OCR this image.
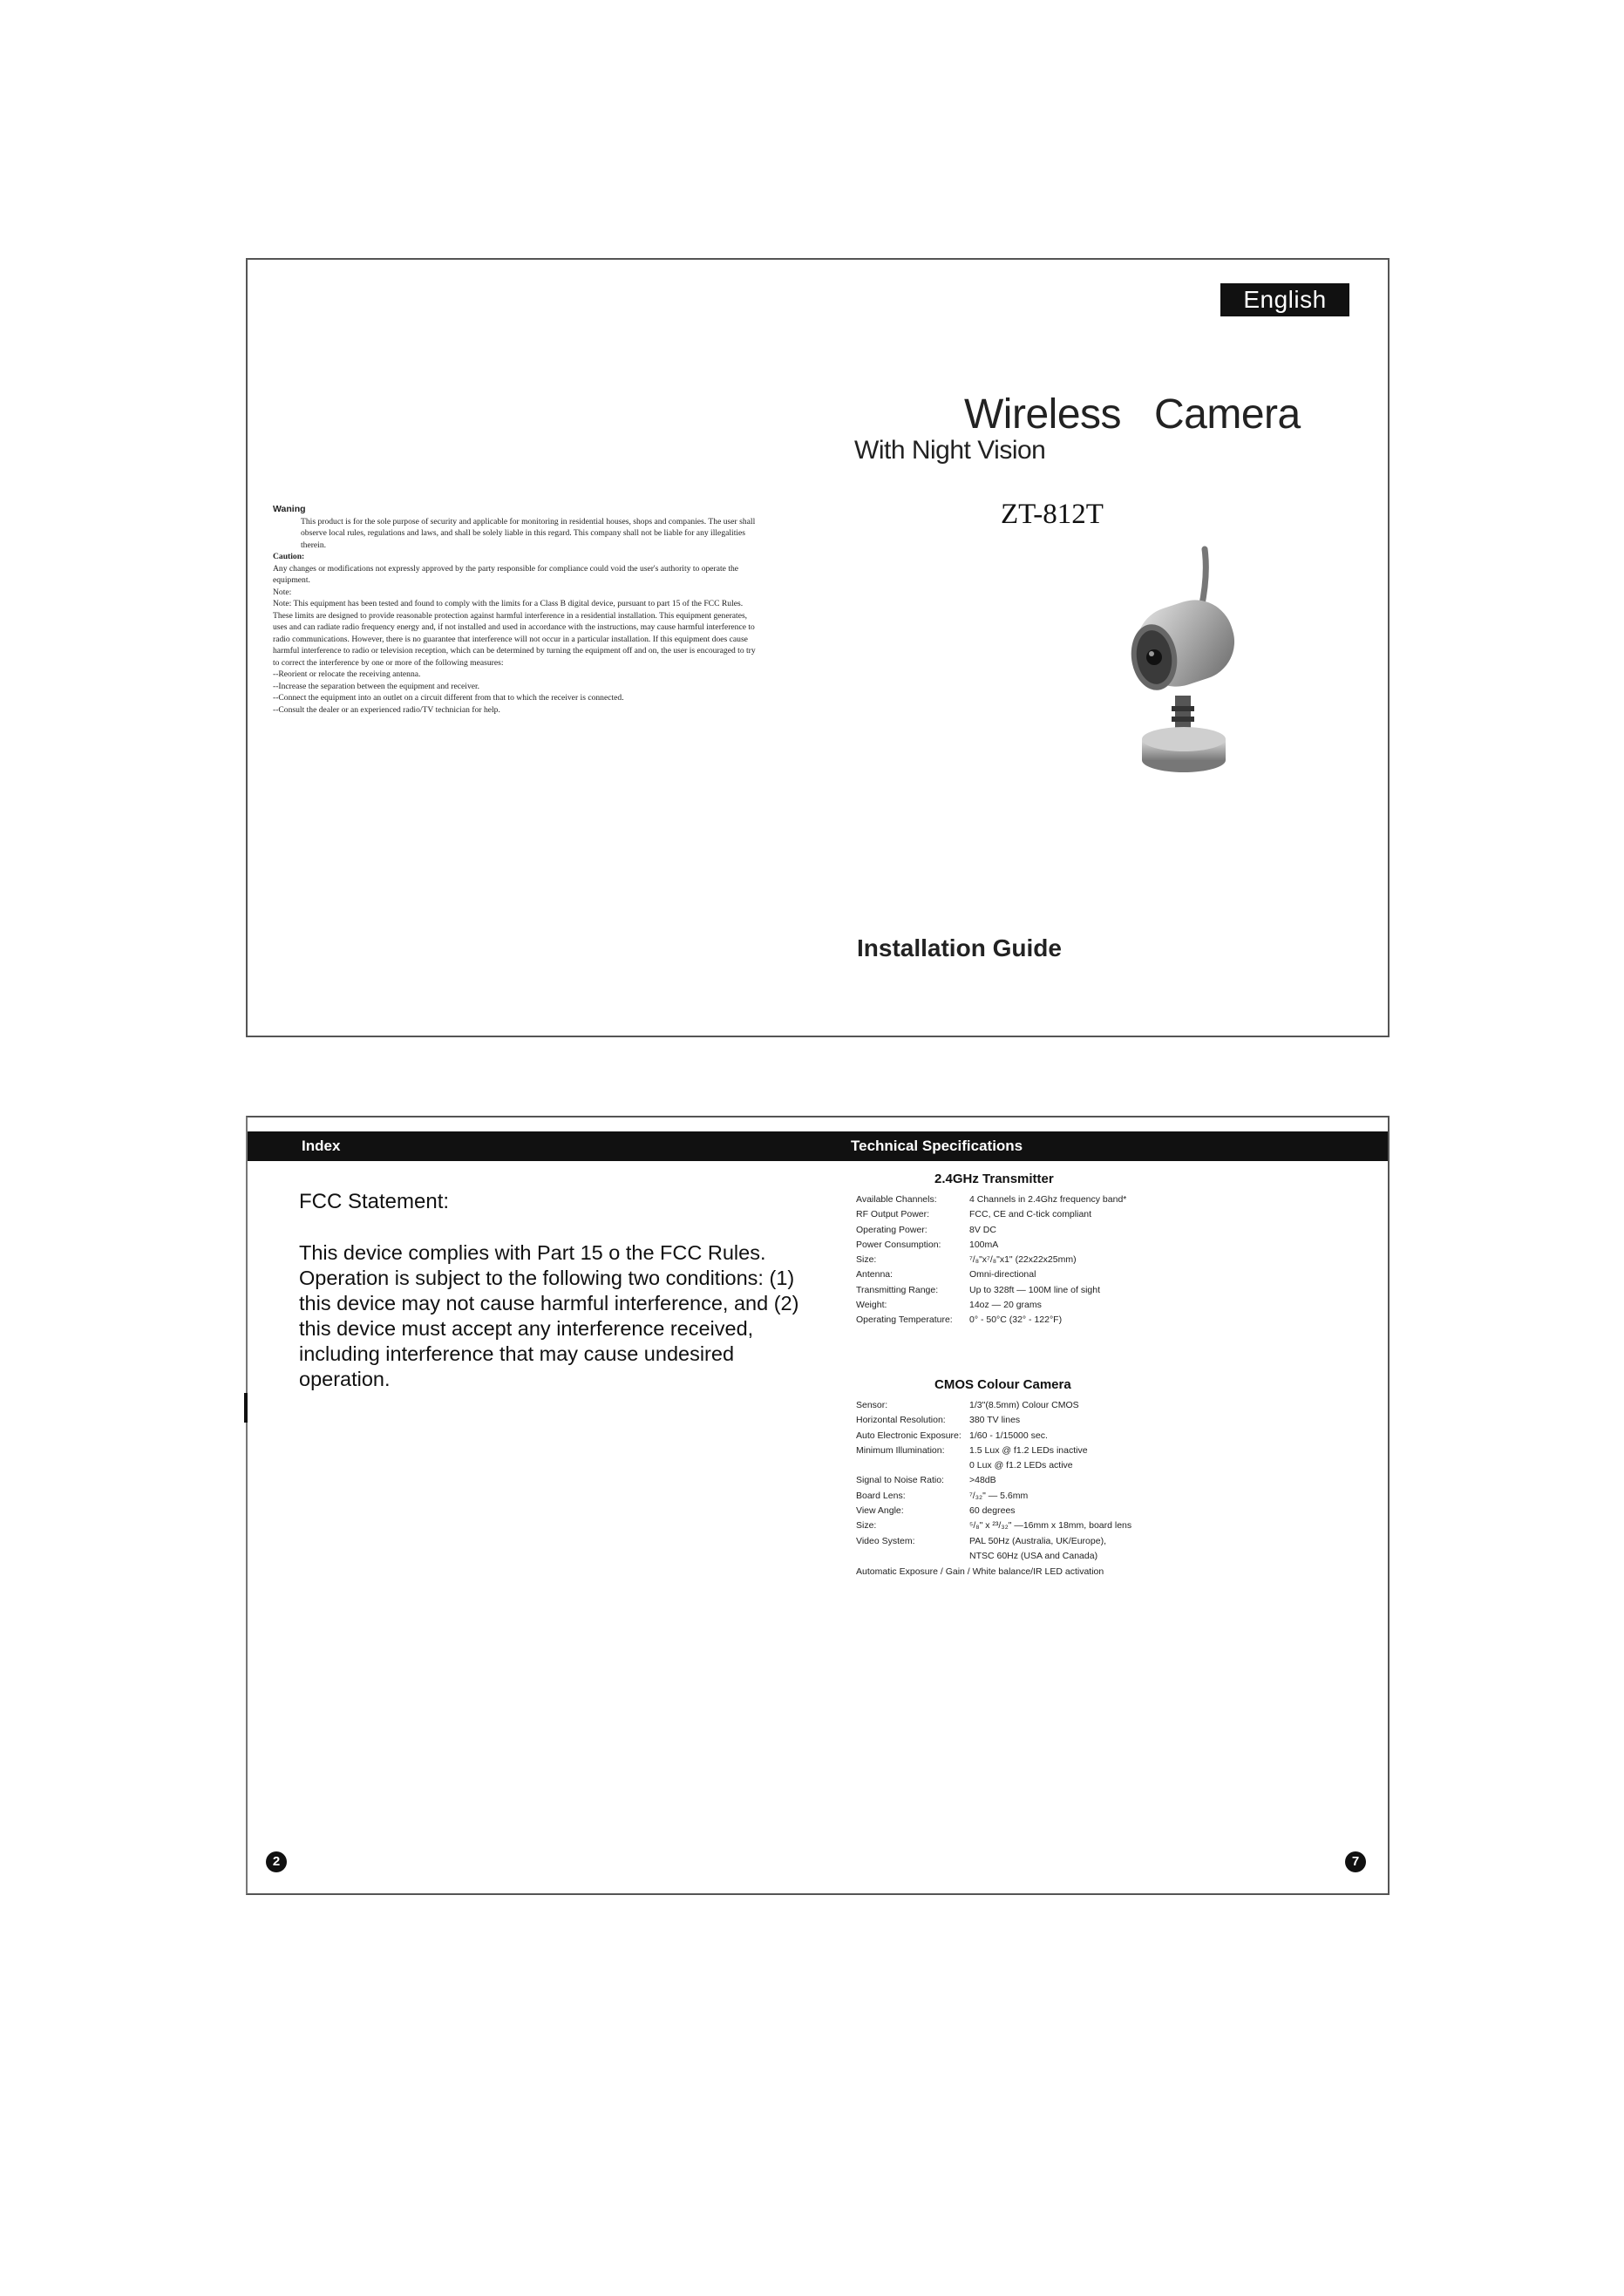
English
Wireless Camera
With Night Vision
ZT-812T

Waning

This product is for the sole purpose of security and applicable for monitoring in residential houses, shops and companies. The user shall observe local rules, regulations and laws, and shall be solely liable in this regard. This company shall not be liable for any illegalities therein.

Caution:

Any changes or modifications not expressly approved by the party responsible for compliance could void the user's authority to operate the equipment.

Note:

Note: This equipment has been tested and found to comply with the limits for a Class B digital device, pursuant to part 15 of the FCC Rules. These limits are designed to provide reasonable protection against harmful interference in a residential installation. This equipment generates, uses and can radiate radio frequency energy and, if not installed and used in accordance with the instructions, may cause harmful interference to radio communications. However, there is no guarantee that interference will not occur in a particular installation. If this equipment does cause harmful interference to radio or television reception, which can be determined by turning the equipment off and on, the user is encouraged to try to correct the interference by one or more of the following measures:

--Reorient or relocate the receiving antenna.

--Increase the separation between the equipment and receiver.

--Connect the equipment into an outlet on a circuit different from that to which the receiver is connected.

--Consult the dealer or an experienced radio/TV technician for help.

Installation Guide
Index	Technical Specifications
FCC Statement:
This device complies with Part 15 o the FCC Rules. Operation is subject to the following two conditions: (1) this device may not cause harmful interference, and (2) this device must accept any interference received, including interference that may cause undesired operation.
2.4GHz Transmitter
Available Channels:	4 Channels in 2.4Ghz frequency band*
RF Output Power:	FCC, CE and C-tick compliant
Operating Power:	8V DC
Power Consumption:	100mA
Size:	⁷/₈"x⁷/₈"x1" (22x22x25mm)
Antenna:	Omni-directional
Transmitting Range:	Up to 328ft — 100M line of sight
Weight:	14oz — 20 grams
Operating Temperature:	0° - 50°C (32° - 122°F)
CMOS Colour Camera
Sensor:	1/3"(8.5mm) Colour CMOS
Horizontal Resolution:	380 TV lines
Auto Electronic Exposure:	1/60 - 1/15000 sec.
Minimum Illumination:	1.5 Lux @ f1.2 LEDs inactive
	0 Lux @ f1.2 LEDs active
Signal to Noise Ratio:	>48dB
Board Lens:	⁷/₃₂" — 5.6mm
View Angle:	60 degrees
Size:	⁵/₈" x ²³/₃₂" —16mm x 18mm, board lens
Video System:	PAL 50Hz (Australia, UK/Europe),
	NTSC 60Hz (USA and Canada)
Automatic Exposure / Gain / White balance/IR LED activation
2	7
